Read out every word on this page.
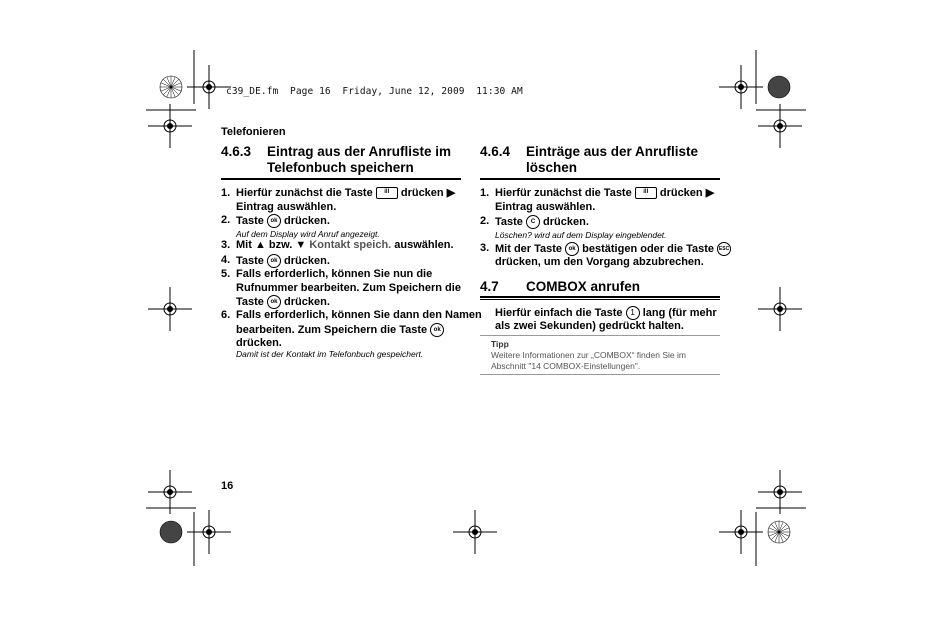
c39_DE.fm  Page 16  Friday, June 12, 2009  11:30 AM
Telefonieren
4.6.3 Eintrag aus der Anrufliste im
Telefonbuch speichern
1. Hierfür zunächst die Taste ill drücken ▶
Eintrag auswählen.
2. Taste ok drücken.
Auf dem Display wird Anruf angezeigt.
3. Mit ▲ bzw. ▼ Kontakt speich. auswählen.
4. Taste ok drücken.
5. Falls erforderlich, können Sie nun die
Rufnummer bearbeiten. Zum Speichern die
Taste ok drücken.
6. Falls erforderlich, können Sie dann den Namen
bearbeiten. Zum Speichern die Taste ok
drücken.
Damit ist der Kontakt im Telefonbuch gespeichert.
4.6.4 Einträge aus der Anrufliste
löschen
1. Hierfür zunächst die Taste ill drücken ▶
Eintrag auswählen.
2. Taste C drücken.
Löschen? wird auf dem Display eingeblendet.
3. Mit der Taste ok bestätigen oder die Taste ESC
drücken, um den Vorgang abzubrechen.
4.7 COMBOX anrufen
Hierfür einfach die Taste 1 lang (für mehr
als zwei Sekunden) gedrückt halten.
Tipp
Weitere Informationen zur „COMBOX“ finden Sie im
Abschnitt "14 COMBOX-Einstellungen".
16
